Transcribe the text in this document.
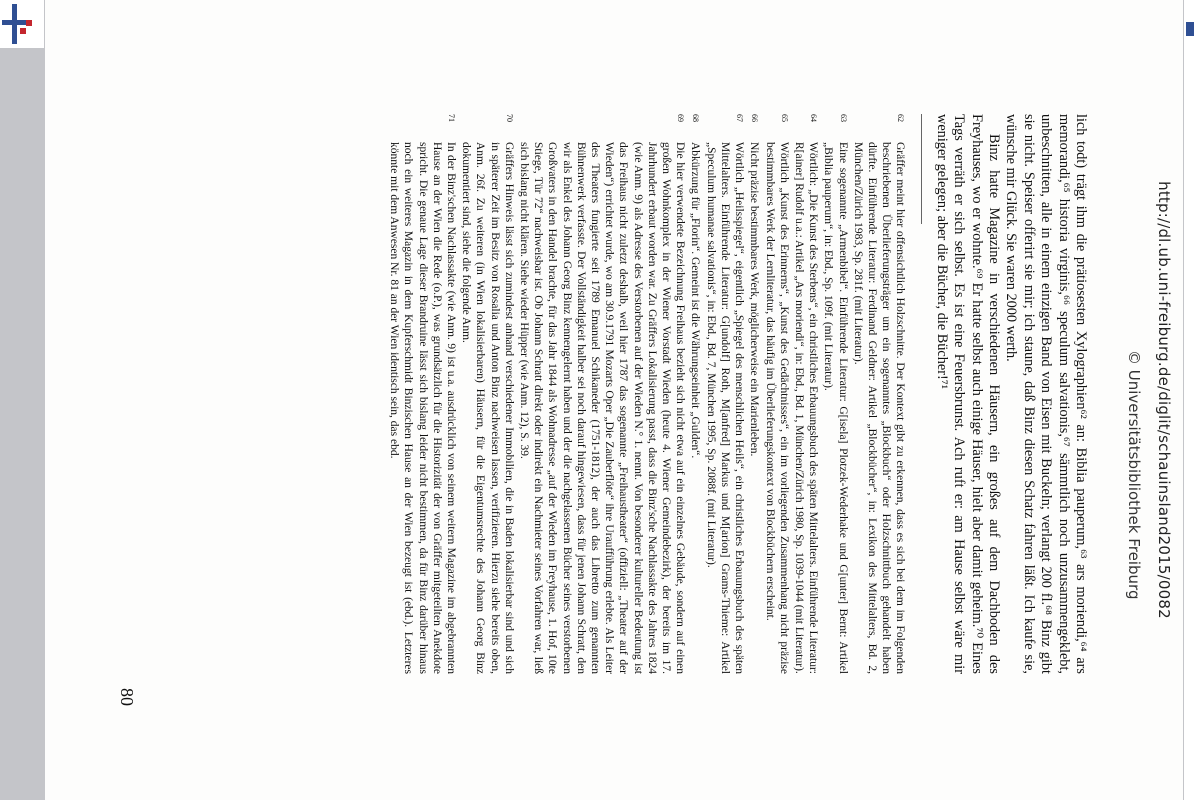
http://dl.ub.uni-freiburg.de/diglit/schauinsland2015/0082
© Universitätsbibliothek Freiburg

lich todt) trägt ihm die prätiosesten Xylographien⁶² an: Biblia pauperum,⁶³ ars moriendi,⁶⁴ ars memorandi,⁶⁵ historia virginis,⁶⁶ speculum salvationis,⁶⁷ sämmtlich noch unzusammengeklebt, unbeschnitten, alle in einem einzigen Band von Eisen mit Buckeln; verlangt 200 fl.⁶⁸ Binz gibt sie nicht. Speiser offerirt sie mir; ich staune, daß Binz diesen Schatz fahren läßt. Ich kaufe sie, wünsche mir Glück. Sie waren 2000 werth.

Binz hatte Magazine in verschiedenen Häusern, ein großes auf dem Dachboden des Freyhauses, wo er wohnte.⁶⁹ Er hatte selbst auch einige Häuser, hielt aber damit geheim.⁷⁰ Eines Tags verräth er sich selbst. Es ist eine Feuersbrunst. Ach ruft er: am Hause selbst wäre mir weniger gelegen; aber die Bücher, die Bücher!⁷¹

62
Gräffer meint hier offensichtlich Holzschnitte. Der Kontext gibt zu erkennen, dass es sich bei dem im Folgenden beschriebenen Überlieferungsträger um ein sogenanntes „Blockbuch“ oder Holzschnittbuch gehandelt haben dürfte. Einführende Literatur: Ferdinand Geldner: Artikel „Blockbücher“, in: Lexikon des Mittelalters, Bd. 2, München/Zürich 1983, Sp. 281f. (mit Literatur).
63
Eine sogenannte „Armenbibel“. Einführende Literatur: G[isela] Plotzek-Wederhake und G[unter] Bernt: Artikel „Biblia pauperum“, in: Ebd., Sp. 109f. (mit Literatur).
64
Wörtlich: „Die Kunst des Sterbens“, ein christliches Erbauungsbuch des späten Mittelalters. Einführende Literatur: R[ainer] Rudolf u.a.: Artikel „Ars moriendi“, in: Ebd., Bd. 1, München/Zürich 1980, Sp. 1039-1044 (mit Literatur).
65
Wörtlich „Kunst des Erinnerns“, „Kunst des Gedächtnisses“, ein im vorliegenden Zusammenhang nicht präzise bestimmbares Werk der Lernliteratur, das häufig im Überlieferungskontext von Blockbüchern erscheint.
66
Nicht präzise bestimmbares Werk, möglicherweise ein Marienleben.
67
Wörtlich „Heilsspiegel“, eigentlich „Spiegel des menschlichen Heils“, ein christliches Erbauungsbuch des späten Mittelalters. Einführende Literatur: G[undolf] Roth, M[anfred] Markus und M[arion] Grams-Thieme: Artikel „Speculum humanae salvationis“, in: Ebd., Bd. 7, München 1995, Sp. 2088f. (mit Literatur).
68
Abkürzung für „Florin“. Gemeint ist die Währungseinheit „Gulden“.
69
Die hier verwendete Bezeichnung Freihaus bezieht sich nicht etwa auf ein einzelnes Gebäude, sondern auf einen großen Wohnkomplex in der Wiener Vorstadt Wieden (heute 4. Wiener Gemeindebezirk), der bereits im 17. Jahrhundert erbaut worden war. Zu Gräffers Lokalisierung passt, dass die Binz'sche Nachlassakte des Jahres 1824 (wie Anm. 9) als Adresse des Verstorbenen auf der Wieden N.° 1. nennt. Von besonderer kultureller Bedeutung ist das Freihaus nicht zuletzt deshalb, weil hier 1787 das sogenannte „Freihaustheater“ (offiziell: „Theater auf der Wieden“) errichtet wurde, wo am 30.9.1791 Mozarts Oper „Die Zauberflöte“ ihre Uraufführung erlebte. Als Leiter des Theaters fungierte seit 1789 Emanuel Schikaneder (1751-1812), der auch das Libretto zum genannten Bühnenwerk verfasste. Der Vollständigkeit halber sei noch darauf hingewiesen, dass für jenen Johann Schratt, den wir als Enkel des Johann Georg Binz kennengelernt haben und der die nachgelassenen Bücher seines verstorbenen Großvaters in den Handel brachte, für das Jahr 1844 als Wohnadresse „auf der Wieden im Freyhause, 1. Hof, 10te Stiege, Tür 72“ nachweisbar ist. Ob Johann Schratt direkt oder indirekt ein Nachmieter seines Vorfahren war, ließ sich bislang nicht klären. Siehe wieder Hüpper (wie Anm. 12), S. 39.
70
Gräffers Hinweis lässt sich zumindest anhand verschiedener Immobilien, die in Baden lokalisierbar sind und sich in späterer Zeit im Besitz von Rosalia und Anton Binz nachweisen lassen, verifizieren. Hierzu siehe bereits oben, Anm. 26f. Zu weiteren (in Wien lokalisierbaren) Häusern, für die Eigentumsrechte des Johann Georg Binz dokumentiert sind, siehe die folgende Anm.
71
In der Binz'schen Nachlassakte (wie Anm. 9) ist u.a. ausdrücklich von seinem weitern Magazine im abgebrannten Hause an der Wien die Rede (o.P.), was grundsätzlich für die Historizität der von Gräffer mitgeteilten Anekdote spricht. Die genaue Lage dieser Brandruine lässt sich bislang leider nicht bestimmen, da für Binz darüber hinaus noch ein weiteres Magazin in dem Kupferschmidt Binzischen Hause an der Wien bezeugt ist (ebd.). Letzteres könnte mit dem Anwesen Nr. 81 an der Wien identisch sein, das ebd.
80
